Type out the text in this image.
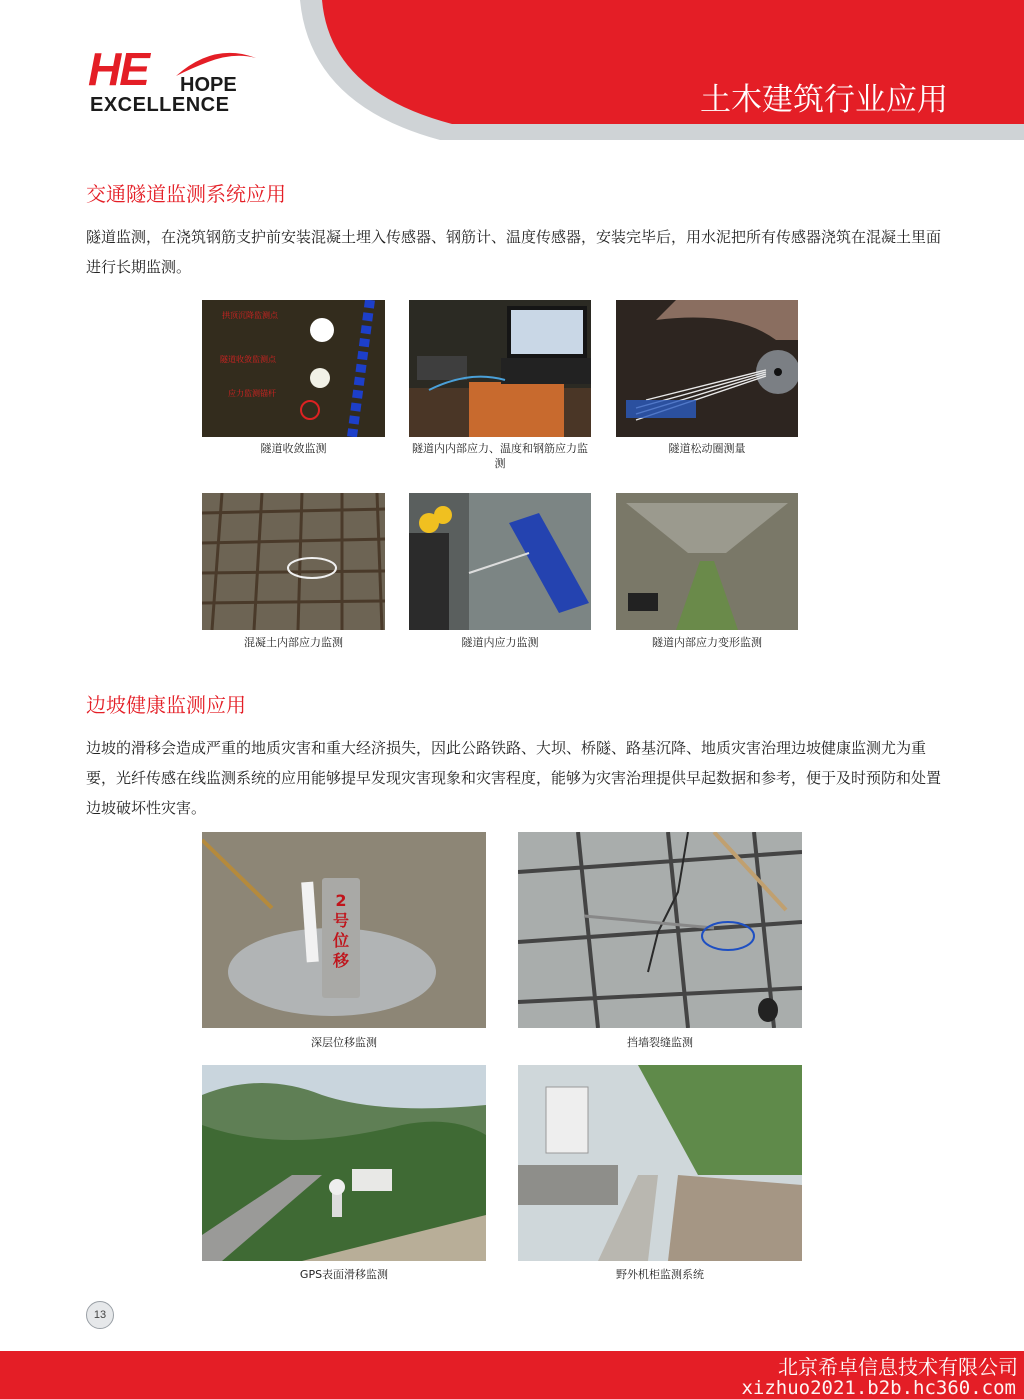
HE HOPE
EXCELLENCE	土木建筑行业应用
交通隧道监测系统应用
隧道监测，在浇筑钢筋支护前安装混凝土埋入传感器、钢筋计、温度传感器，安装完毕后，用水泥把所有传感器浇筑在混凝土里面进行长期监测。
拱顶沉降监测点
隧道收敛监测点
应力监测锚杆
隧道收敛监测	隧道内内部应力、温度和钢筋应力监测
隧道松动圈测量
混凝土内部应力监测	隧道内应力监测	隧道内部应力变形监测
边坡健康监测应用
边坡的滑移会造成严重的地质灾害和重大经济损失，因此公路铁路、大坝、桥隧、路基沉降、地质灾害治理边坡健康监测尤为重要，光纤传感在线监测系统的应用能够提早发现灾害现象和灾害程度，能够为灾害治理提供早起数据和参考，便于及时预防和处置边坡破坏性灾害。
2
号
位
移
深层位移监测	挡墙裂缝监测
GPS表面滑移监测	野外机柜监测系统
13
北京希卓信息技术有限公司
xizhuo2021.b2b.hc360.com
